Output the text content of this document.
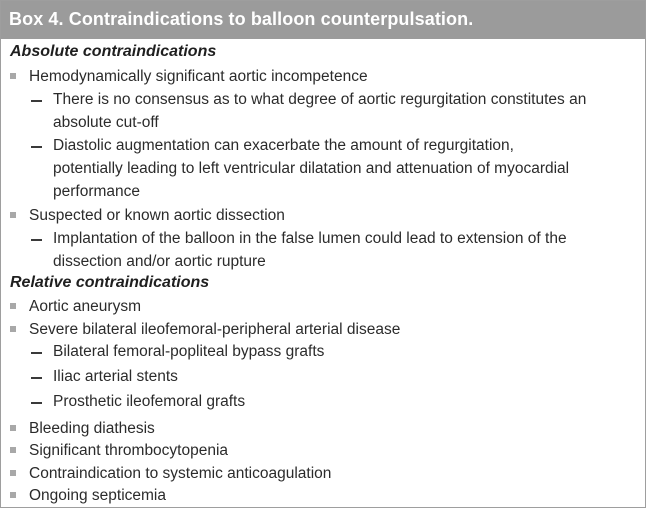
Box 4. Contraindications to balloon counterpulsation.
Absolute contraindications
Hemodynamically significant aortic incompetence
There is no consensus as to what degree of aortic regurgitation constitutes an
absolute cut-off
Diastolic augmentation can exacerbate the amount of regurgitation,
potentially leading to left ventricular dilatation and attenuation of myocardial
performance
Suspected or known aortic dissection
Implantation of the balloon in the false lumen could lead to extension of the
dissection and/or aortic rupture
Relative contraindications
Aortic aneurysm
Severe bilateral ileofemoral-peripheral arterial disease
Bilateral femoral-popliteal bypass grafts
Iliac arterial stents
Prosthetic ileofemoral grafts
Bleeding diathesis
Significant thrombocytopenia
Contraindication to systemic anticoagulation
Ongoing septicemia
